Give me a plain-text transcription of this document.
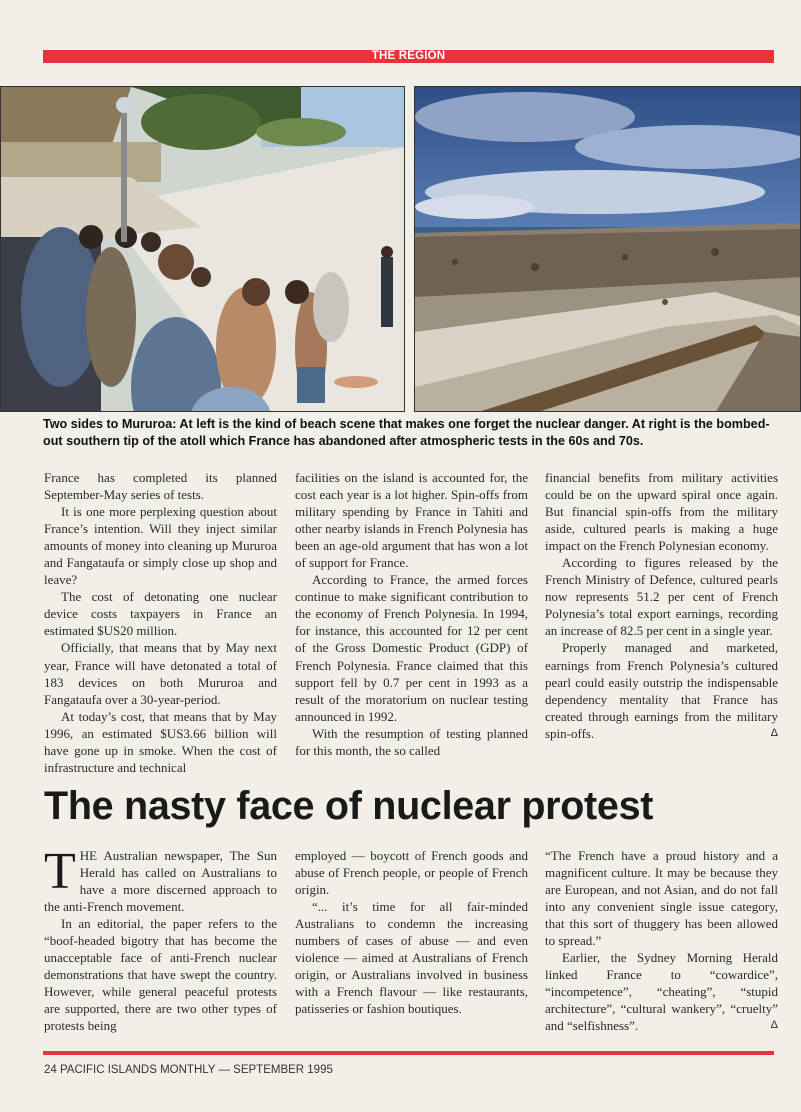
THE REGION
Two sides to Mururoa: At left is the kind of beach scene that makes one forget the nuclear danger. At right is the bombed-out southern tip of the atoll which France has abandoned after atmospheric tests in the 60s and 70s.

France has completed its planned September-May series of tests.

It is one more perplexing question about France’s intention. Will they inject similar amounts of money into cleaning up Mururoa and Fangataufa or simply close up shop and leave?

The cost of detonating one nuclear device costs taxpayers in France an estimated $US20 million.

Officially, that means that by May next year, France will have detonated a total of 183 devices on both Mururoa and Fangataufa over a 30-year-period.

At today’s cost, that means that by May 1996, an estimated $US3.66 billion will have gone up in smoke. When the cost of infrastructure and technical

facilities on the island is accounted for, the cost each year is a lot higher. Spin-offs from military spending by France in Tahiti and other nearby islands in French Polynesia has been an age-old argument that has won a lot of support for France.

According to France, the armed forces continue to make significant contribution to the economy of French Polynesia. In 1994, for instance, this accounted for 12 per cent of the Gross Domestic Product (GDP) of French Polynesia. France claimed that this support fell by 0.7 per cent in 1993 as a result of the moratorium on nuclear testing announced in 1992.

With the resumption of testing planned for this month, the so called

financial benefits from military activities could be on the upward spiral once again. But financial spin-offs from the military aside, cultured pearls is making a huge impact on the French Polynesian economy.

According to figures released by the French Ministry of Defence, cultured pearls now represents 51.2 per cent of French Polynesia’s total export earnings, recording an increase of 82.5 per cent in a single year.

Properly managed and marketed, earnings from French Polynesia’s cultured pearl could easily outstrip the indispensable dependency mentality that France has created through earnings from the military spin-offs.	Δ

The nasty face of nuclear protest

THE Australian newspaper, The Sun Herald has called on Australians to have a more discerned approach to the anti-French movement.

In an editorial, the paper refers to the “boof-headed bigotry that has become the unacceptable face of anti-French nuclear demonstrations that have swept the country. However, while general peaceful protests are supported, there are two other types of protests being

employed — boycott of French goods and abuse of French people, or people of French origin.

“... it’s time for all fair-minded Australians to condemn the increasing numbers of cases of abuse — and even violence — aimed at Australians of French origin, or Australians involved in business with a French flavour — like restaurants, patisseries or fashion boutiques.

“The French have a proud history and a magnificent culture. It may be because they are European, and not Asian, and do not fall into any convenient single issue category, that this sort of thuggery has been allowed to spread.”

Earlier, the Sydney Morning Herald linked France to “cowardice”, “incompetence”, “cheating”, “stupid architecture”, “cultural wankery”, “cruelty” and “selfishness”.	Δ

24 PACIFIC ISLANDS MONTHLY — SEPTEMBER 1995
